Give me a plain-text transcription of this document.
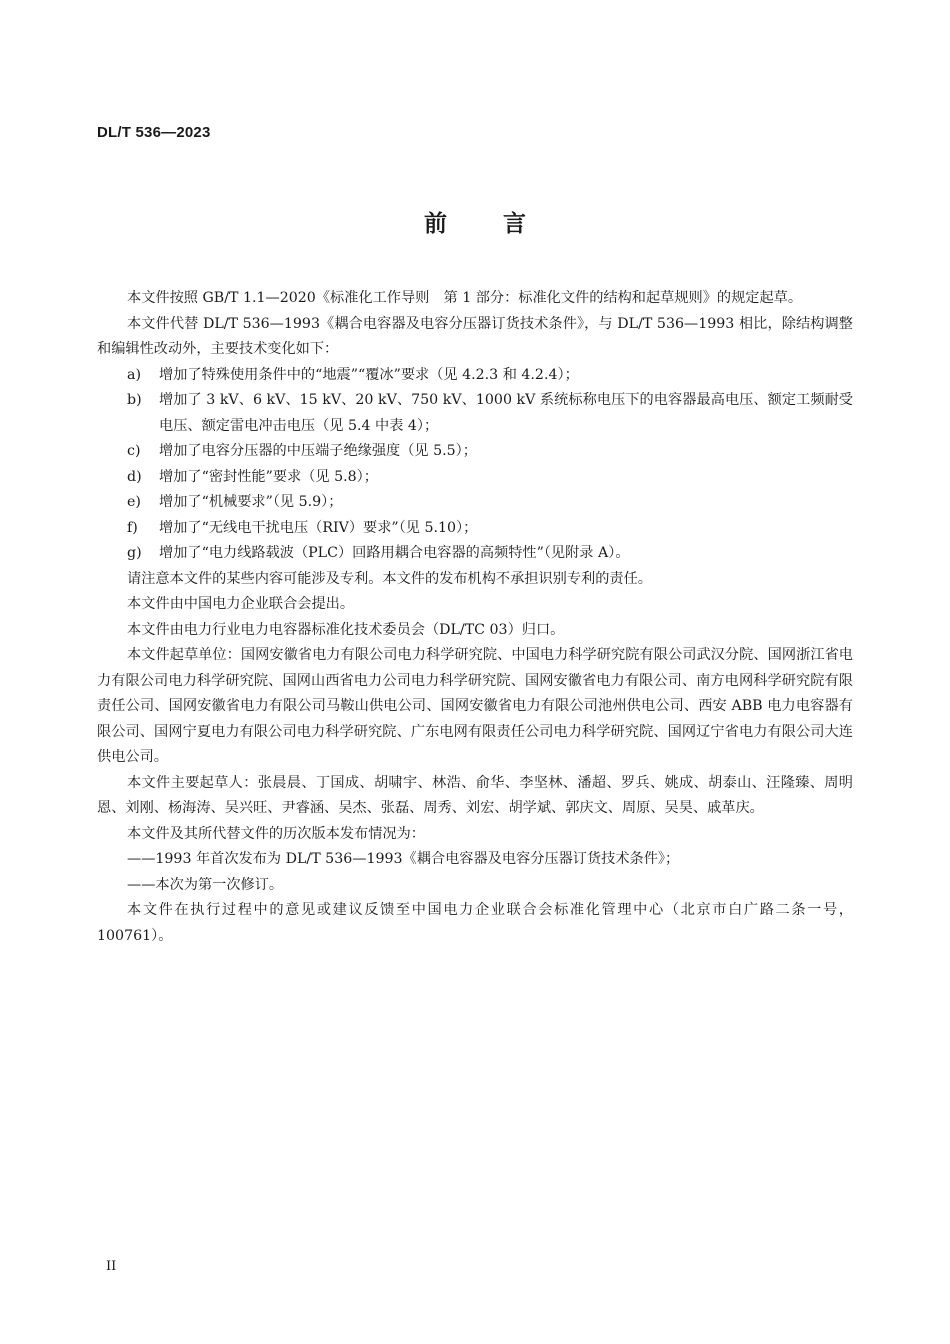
DL/T 536—2023
前言

本文件按照 GB/T 1.1—2020《标准化工作导则　第 1 部分：标准化文件的结构和起草规则》的规定起草。

本文件代替 DL/T 536—1993《耦合电容器及电容分压器订货技术条件》，与 DL/T 536—1993 相比，除结构调整和编辑性改动外，主要技术变化如下：

a) 增加了特殊使用条件中的“地震”“覆冰”要求（见 4.2.3 和 4.2.4）；
b) 增加了 3 kV、6 kV、15 kV、20 kV、750 kV、1000 kV 系统标称电压下的电容器最高电压、额定工频耐受电压、额定雷电冲击电压（见 5.4 中表 4）；
c) 增加了电容分压器的中压端子绝缘强度（见 5.5）；
d) 增加了“密封性能”要求（见 5.8）；
e) 增加了“机械要求”（见 5.9）；
f) 增加了“无线电干扰电压（RIV）要求”（见 5.10）；
g) 增加了“电力线路载波（PLC）回路用耦合电容器的高频特性”（见附录 A）。

请注意本文件的某些内容可能涉及专利。本文件的发布机构不承担识别专利的责任。

本文件由中国电力企业联合会提出。

本文件由电力行业电力电容器标准化技术委员会（DL/TC 03）归口。

本文件起草单位：国网安徽省电力有限公司电力科学研究院、中国电力科学研究院有限公司武汉分院、国网浙江省电力有限公司电力科学研究院、国网山西省电力公司电力科学研究院、国网安徽省电力有限公司、南方电网科学研究院有限责任公司、国网安徽省电力有限公司马鞍山供电公司、国网安徽省电力有限公司池州供电公司、西安 ABB 电力电容器有限公司、国网宁夏电力有限公司电力科学研究院、广东电网有限责任公司电力科学研究院、国网辽宁省电力有限公司大连供电公司。

本文件主要起草人：张晨晨、丁国成、胡啸宇、林浩、俞华、李坚林、潘超、罗兵、姚成、胡泰山、汪隆臻、周明恩、刘刚、杨海涛、吴兴旺、尹睿涵、吴杰、张磊、周秀、刘宏、胡学斌、郭庆文、周原、吴昊、戚革庆。

本文件及其所代替文件的历次版本发布情况为：

——1993 年首次发布为 DL/T 536—1993《耦合电容器及电容分压器订货技术条件》；

——本次为第一次修订。

本文件在执行过程中的意见或建议反馈至中国电力企业联合会标准化管理中心（北京市白广路二条一号，100761）。

II
